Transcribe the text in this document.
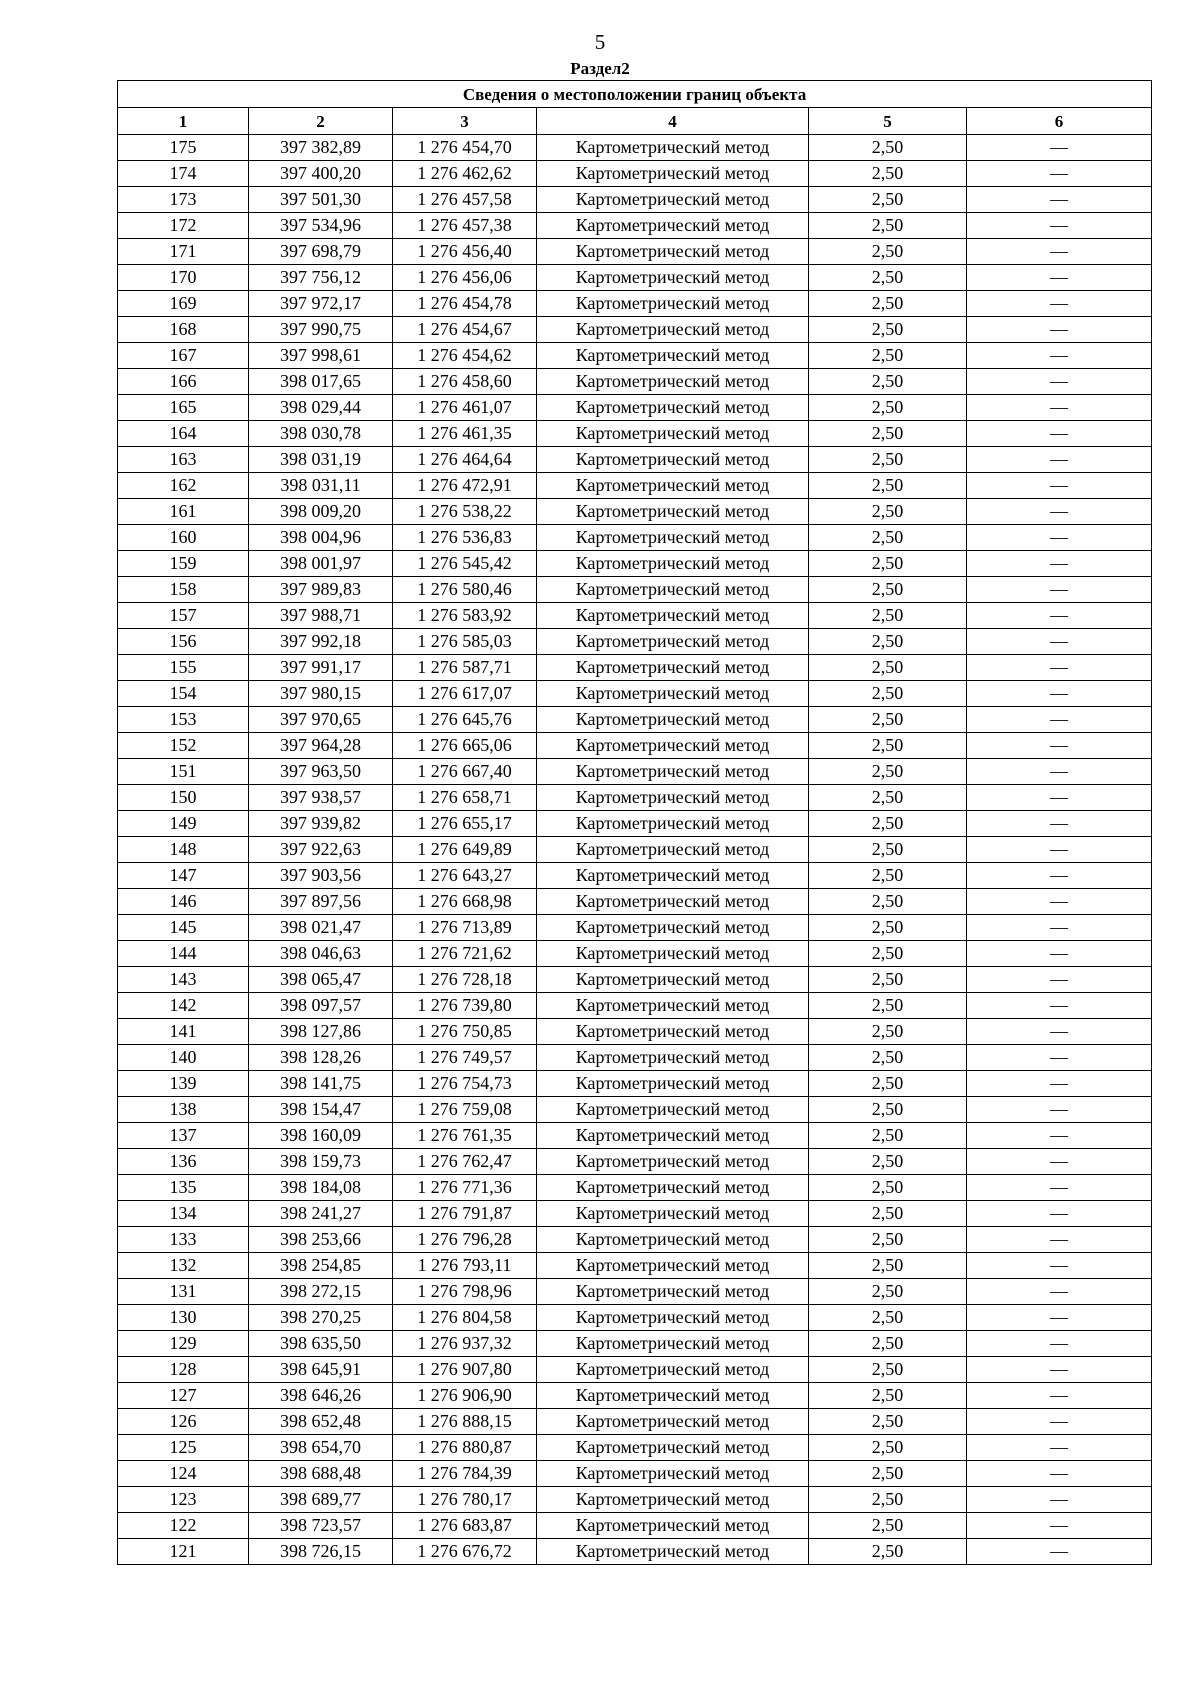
5
Раздел2
Сведения о местоположении границ объекта					
1	2	3	4	5	6
175	397 382,89	1 276 454,70	Картометрический метод	2,50	—
174	397 400,20	1 276 462,62	Картометрический метод	2,50	—
173	397 501,30	1 276 457,58	Картометрический метод	2,50	—
172	397 534,96	1 276 457,38	Картометрический метод	2,50	—
171	397 698,79	1 276 456,40	Картометрический метод	2,50	—
170	397 756,12	1 276 456,06	Картометрический метод	2,50	—
169	397 972,17	1 276 454,78	Картометрический метод	2,50	—
168	397 990,75	1 276 454,67	Картометрический метод	2,50	—
167	397 998,61	1 276 454,62	Картометрический метод	2,50	—
166	398 017,65	1 276 458,60	Картометрический метод	2,50	—
165	398 029,44	1 276 461,07	Картометрический метод	2,50	—
164	398 030,78	1 276 461,35	Картометрический метод	2,50	—
163	398 031,19	1 276 464,64	Картометрический метод	2,50	—
162	398 031,11	1 276 472,91	Картометрический метод	2,50	—
161	398 009,20	1 276 538,22	Картометрический метод	2,50	—
160	398 004,96	1 276 536,83	Картометрический метод	2,50	—
159	398 001,97	1 276 545,42	Картометрический метод	2,50	—
158	397 989,83	1 276 580,46	Картометрический метод	2,50	—
157	397 988,71	1 276 583,92	Картометрический метод	2,50	—
156	397 992,18	1 276 585,03	Картометрический метод	2,50	—
155	397 991,17	1 276 587,71	Картометрический метод	2,50	—
154	397 980,15	1 276 617,07	Картометрический метод	2,50	—
153	397 970,65	1 276 645,76	Картометрический метод	2,50	—
152	397 964,28	1 276 665,06	Картометрический метод	2,50	—
151	397 963,50	1 276 667,40	Картометрический метод	2,50	—
150	397 938,57	1 276 658,71	Картометрический метод	2,50	—
149	397 939,82	1 276 655,17	Картометрический метод	2,50	—
148	397 922,63	1 276 649,89	Картометрический метод	2,50	—
147	397 903,56	1 276 643,27	Картометрический метод	2,50	—
146	397 897,56	1 276 668,98	Картометрический метод	2,50	—
145	398 021,47	1 276 713,89	Картометрический метод	2,50	—
144	398 046,63	1 276 721,62	Картометрический метод	2,50	—
143	398 065,47	1 276 728,18	Картометрический метод	2,50	—
142	398 097,57	1 276 739,80	Картометрический метод	2,50	—
141	398 127,86	1 276 750,85	Картометрический метод	2,50	—
140	398 128,26	1 276 749,57	Картометрический метод	2,50	—
139	398 141,75	1 276 754,73	Картометрический метод	2,50	—
138	398 154,47	1 276 759,08	Картометрический метод	2,50	—
137	398 160,09	1 276 761,35	Картометрический метод	2,50	—
136	398 159,73	1 276 762,47	Картометрический метод	2,50	—
135	398 184,08	1 276 771,36	Картометрический метод	2,50	—
134	398 241,27	1 276 791,87	Картометрический метод	2,50	—
133	398 253,66	1 276 796,28	Картометрический метод	2,50	—
132	398 254,85	1 276 793,11	Картометрический метод	2,50	—
131	398 272,15	1 276 798,96	Картометрический метод	2,50	—
130	398 270,25	1 276 804,58	Картометрический метод	2,50	—
129	398 635,50	1 276 937,32	Картометрический метод	2,50	—
128	398 645,91	1 276 907,80	Картометрический метод	2,50	—
127	398 646,26	1 276 906,90	Картометрический метод	2,50	—
126	398 652,48	1 276 888,15	Картометрический метод	2,50	—
125	398 654,70	1 276 880,87	Картометрический метод	2,50	—
124	398 688,48	1 276 784,39	Картометрический метод	2,50	—
123	398 689,77	1 276 780,17	Картометрический метод	2,50	—
122	398 723,57	1 276 683,87	Картометрический метод	2,50	—
121	398 726,15	1 276 676,72	Картометрический метод	2,50	—
